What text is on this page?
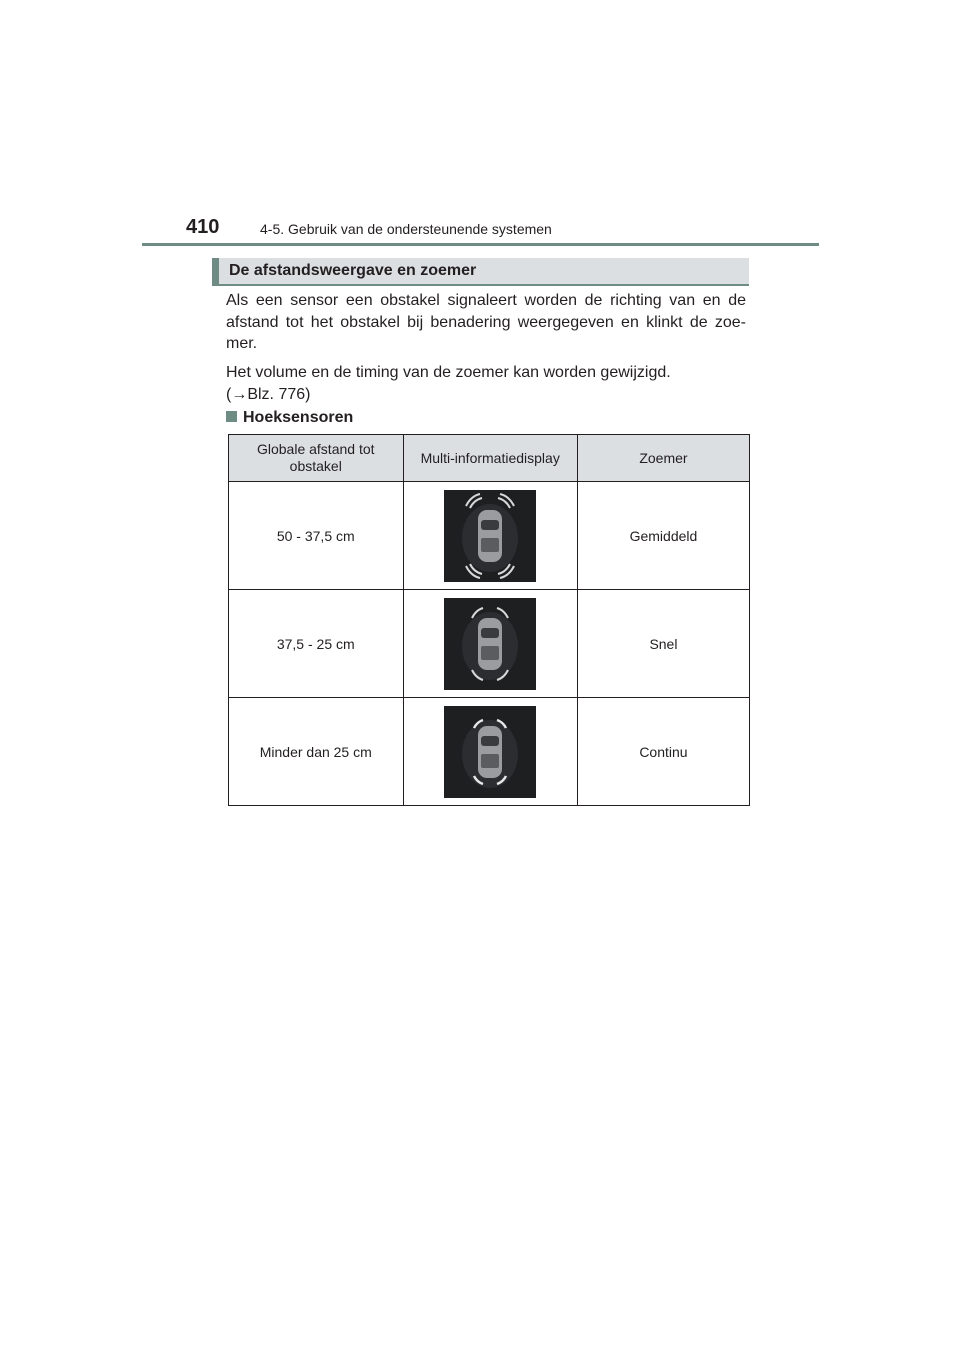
410	4-5. Gebruik van de ondersteunende systemen
De afstandsweergave en zoemer
Als een sensor een obstakel signaleert worden de richting van en de afstand tot het obstakel bij benadering weergegeven en klinkt de zoe-mer.
Het volume en de timing van de zoemer kan worden gewijzigd.
(→Blz. 776)
Hoeksensoren
Globale afstand tot obstakel	Multi-informatiedisplay	Zoemer
50 - 37,5 cm		Gemiddeld
37,5 - 25 cm		Snel
Minder dan 25 cm		Continu
